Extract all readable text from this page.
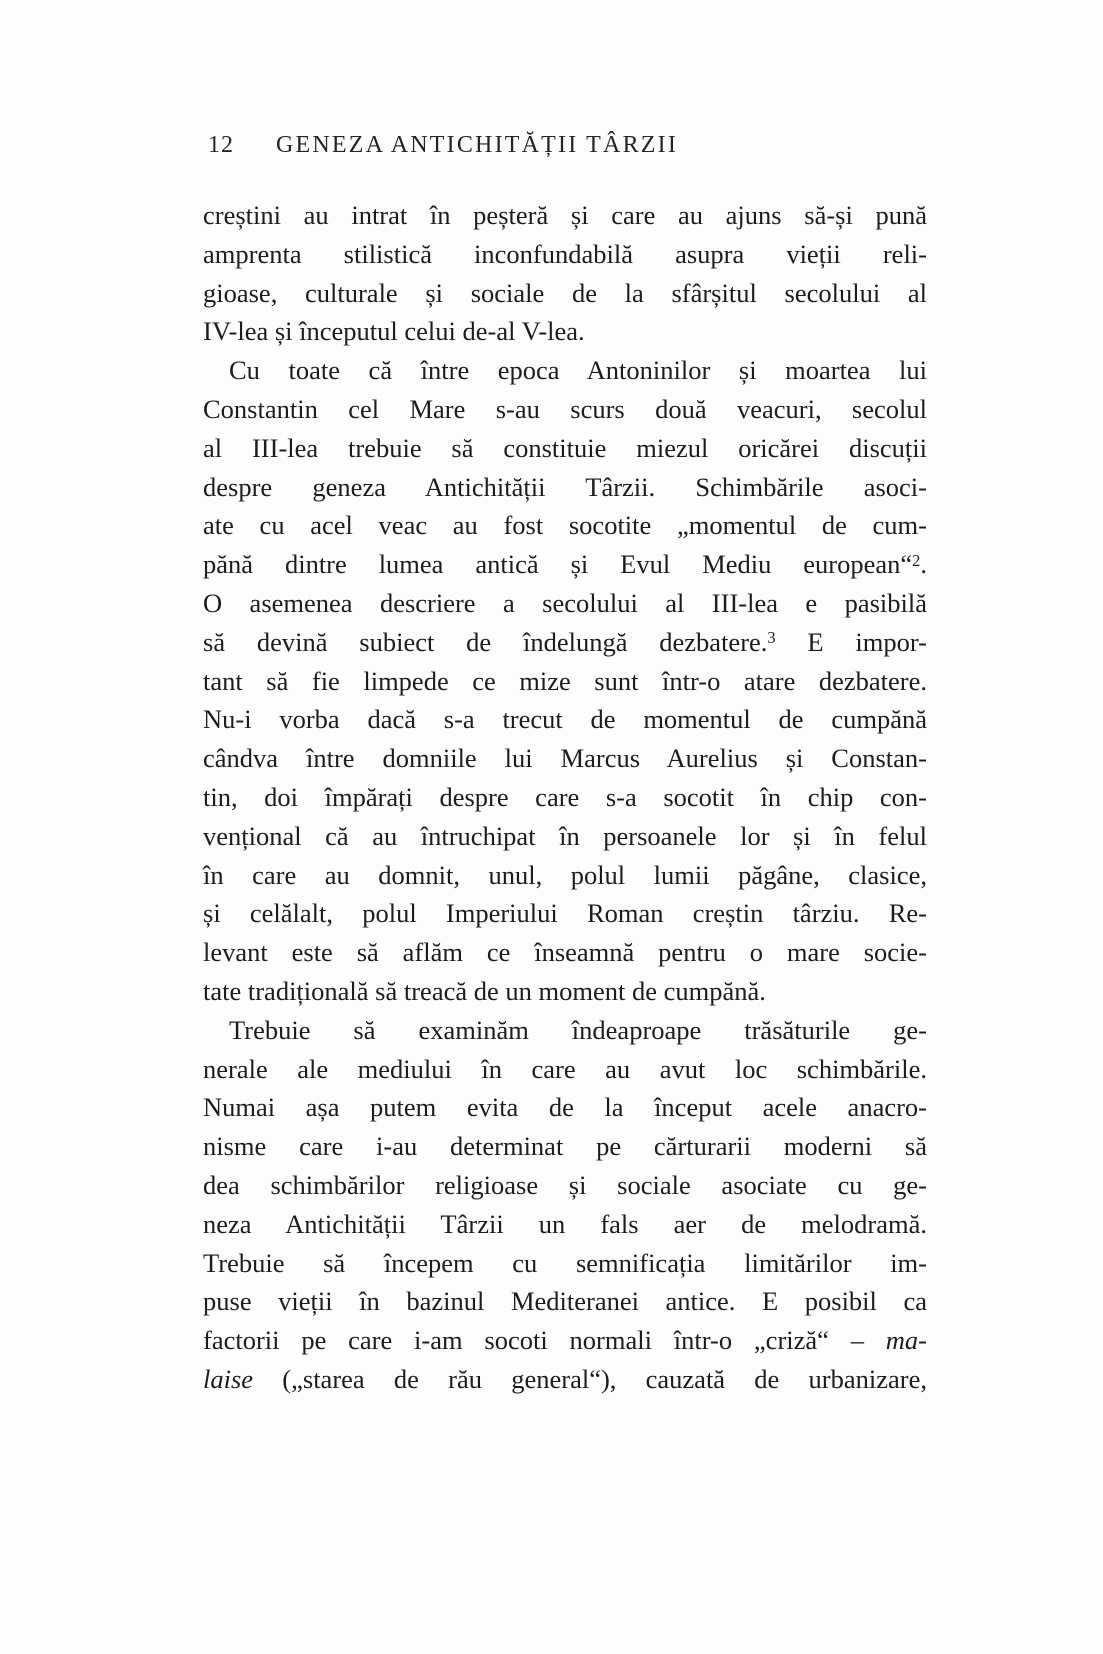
12 GENEZA ANTICHITĂȚII TÂRZII
creștini au intrat în peșteră și care au ajuns să-și pună
amprenta stilistică inconfundabilă asupra vieții reli-
gioase, culturale și sociale de la sfârșitul secolului al
IV-lea și începutul celui de-al V-lea.
Cu toate că între epoca Antoninilor și moartea lui
Constantin cel Mare s-au scurs două veacuri, secolul
al III-lea trebuie să constituie miezul oricărei discuții
despre geneza Antichității Târzii. Schimbările asoci-
ate cu acel veac au fost socotite „momentul de cum-
pănă dintre lumea antică și Evul Mediu european“$^2$.
O asemenea descriere a secolului al III-lea e pasibilă
să devină subiect de îndelungă dezbatere.$^3$ E impor-
tant să fie limpede ce mize sunt într-o atare dezbatere.
Nu-i vorba dacă s-a trecut de momentul de cumpănă
cândva între domniile lui Marcus Aurelius și Constan-
tin, doi împărați despre care s-a socotit în chip con-
vențional că au întruchipat în persoanele lor și în felul
în care au domnit, unul, polul lumii păgâne, clasice,
și celălalt, polul Imperiului Roman creștin târziu. Re-
levant este să aflăm ce înseamnă pentru o mare socie-
tate tradițională să treacă de un moment de cumpănă.
Trebuie să examinăm îndeaproape trăsăturile ge-
nerale ale mediului în care au avut loc schimbările.
Numai așa putem evita de la început acele anacro-
nisme care i-au determinat pe cărturarii moderni să
dea schimbărilor religioase și sociale asociate cu ge-
neza Antichității Târzii un fals aer de melodramă.
Trebuie să începem cu semnificația limitărilor im-
puse vieții în bazinul Mediteranei antice. E posibil ca
factorii pe care i-am socoti normali într-o „criză“ – ma-
laise („starea de rău general“), cauzată de urbanizare,
